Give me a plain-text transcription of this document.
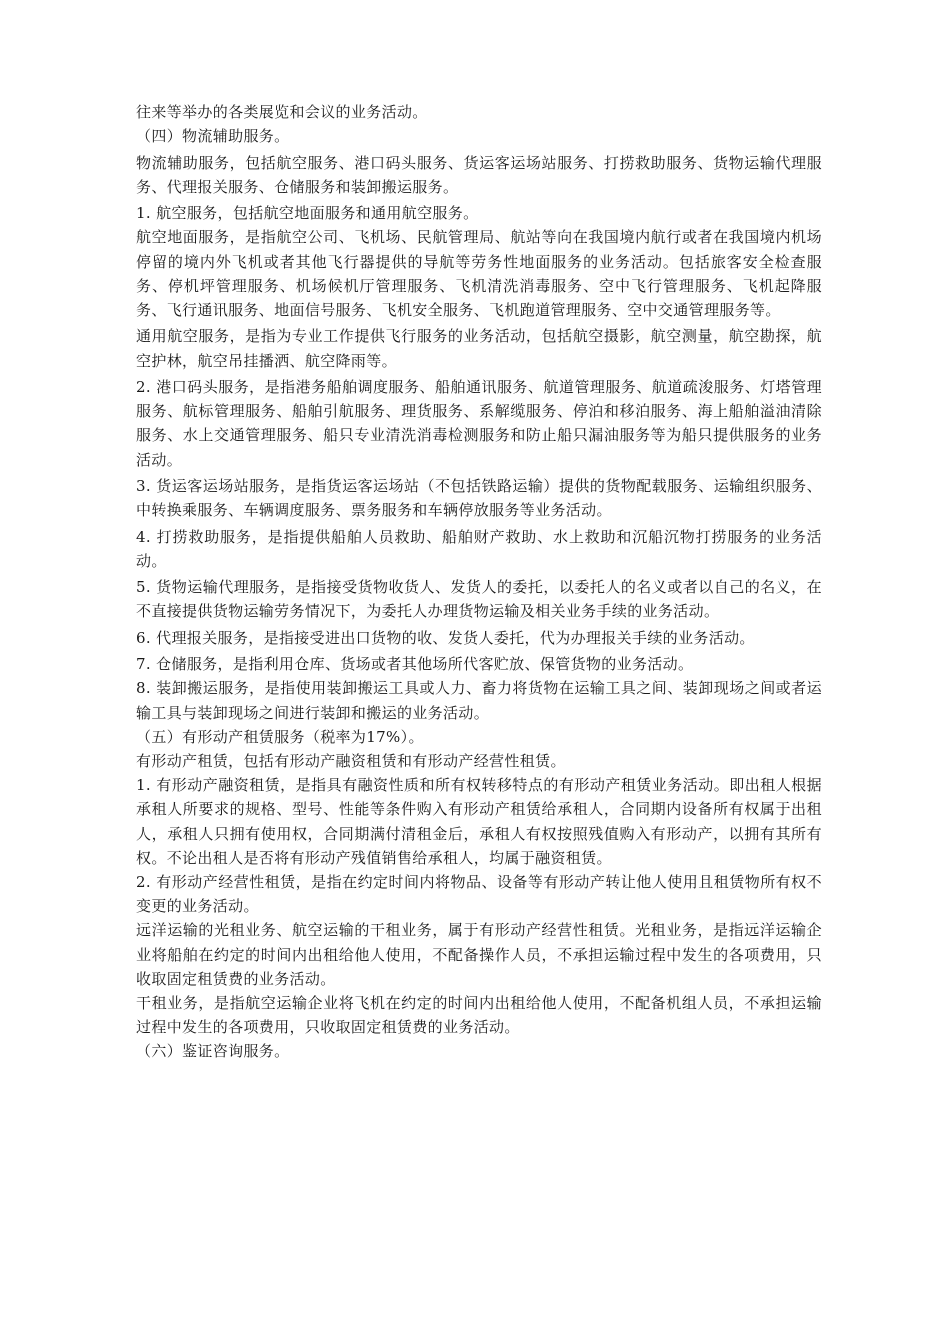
往来等举办的各类展览和会议的业务活动。

（四）物流辅助服务。

物流辅助服务，包括航空服务、港口码头服务、货运客运场站服务、打捞救助服务、货物运输代理服务、代理报关服务、仓储服务和装卸搬运服务。

1. 航空服务，包括航空地面服务和通用航空服务。

航空地面服务，是指航空公司、飞机场、民航管理局、航站等向在我国境内航行或者在我国境内机场停留的境内外飞机或者其他飞行器提供的导航等劳务性地面服务的业务活动。包括旅客安全检查服务、停机坪管理服务、机场候机厅管理服务、飞机清洗消毒服务、空中飞行管理服务、飞机起降服务、飞行通讯服务、地面信号服务、飞机安全服务、飞机跑道管理服务、空中交通管理服务等。

通用航空服务，是指为专业工作提供飞行服务的业务活动，包括航空摄影，航空测量，航空勘探，航空护林，航空吊挂播洒、航空降雨等。

2. 港口码头服务，是指港务船舶调度服务、船舶通讯服务、航道管理服务、航道疏浚服务、灯塔管理服务、航标管理服务、船舶引航服务、理货服务、系解缆服务、停泊和移泊服务、海上船舶溢油清除服务、水上交通管理服务、船只专业清洗消毒检测服务和防止船只漏油服务等为船只提供服务的业务活动。

3. 货运客运场站服务，是指货运客运场站（不包括铁路运输）提供的货物配载服务、运输组织服务、中转换乘服务、车辆调度服务、票务服务和车辆停放服务等业务活动。

4. 打捞救助服务，是指提供船舶人员救助、船舶财产救助、水上救助和沉船沉物打捞服务的业务活动。

5. 货物运输代理服务，是指接受货物收货人、发货人的委托，以委托人的名义或者以自己的名义，在不直接提供货物运输劳务情况下，为委托人办理货物运输及相关业务手续的业务活动。

6. 代理报关服务，是指接受进出口货物的收、发货人委托，代为办理报关手续的业务活动。

7. 仓储服务，是指利用仓库、货场或者其他场所代客贮放、保管货物的业务活动。

8. 装卸搬运服务，是指使用装卸搬运工具或人力、畜力将货物在运输工具之间、装卸现场之间或者运输工具与装卸现场之间进行装卸和搬运的业务活动。

（五）有形动产租赁服务（税率为17%）。

有形动产租赁，包括有形动产融资租赁和有形动产经营性租赁。

1. 有形动产融资租赁，是指具有融资性质和所有权转移特点的有形动产租赁业务活动。即出租人根据承租人所要求的规格、型号、性能等条件购入有形动产租赁给承租人，合同期内设备所有权属于出租人，承租人只拥有使用权，合同期满付清租金后，承租人有权按照残值购入有形动产，以拥有其所有权。不论出租人是否将有形动产残值销售给承租人，均属于融资租赁。

2. 有形动产经营性租赁，是指在约定时间内将物品、设备等有形动产转让他人使用且租赁物所有权不变更的业务活动。

远洋运输的光租业务、航空运输的干租业务，属于有形动产经营性租赁。光租业务，是指远洋运输企业将船舶在约定的时间内出租给他人使用，不配备操作人员，不承担运输过程中发生的各项费用，只收取固定租赁费的业务活动。

干租业务，是指航空运输企业将飞机在约定的时间内出租给他人使用，不配备机组人员，不承担运输过程中发生的各项费用，只收取固定租赁费的业务活动。

（六）鉴证咨询服务。
